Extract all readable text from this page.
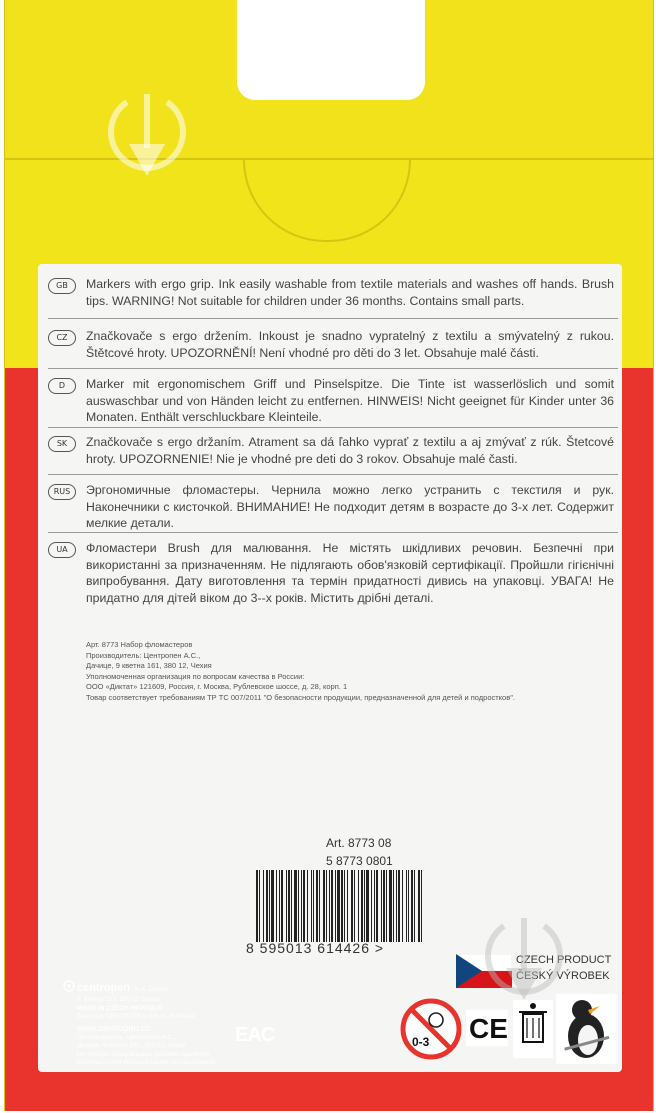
GB	Markers with ergo grip. Ink easily washable from textile materials and washes off hands. Brush tips. WARNING! Not suitable for children under 36 months. Contains small parts.
CZ	Značkovače s ergo držením. Inkoust je snadno vypratelný z textilu a smývatelný z rukou. Štětcové hroty. UPOZORNĚNÍ! Není vhodné pro děti do 3 let. Obsahuje malé části.
D	Marker mit ergonomischem Griff und Pinselspitze. Die Tinte ist wasserlöslich und somit auswaschbar und von Händen leicht zu entfernen. HINWEIS! Nicht geeignet für Kinder unter 36 Monaten. Enthält verschluckbare Kleinteile.
SK	Značkovače s ergo držaním. Atrament sa dá ľahko vyprať z textilu a aj zmývať z rúk. Štetcové hroty. UPOZORNENIE! Nie je vhodné pre deti do 3 rokov. Obsahuje malé časti.
RUS	Эргономичные фломастеры. Чернила можно легко устранить с текстиля и рук. Наконечники с кисточкой. ВНИМАНИЕ! Не подходит детям в возрасте до 3-х лет. Содержит мелкие детали.
UA	Фломастери Brush для малювання. Не містять шкідливих речовин. Безпечні при використанні за призначенням. Не підлягають обов'язковій сертифікації. Пройшли гігієнічні випробування. Дату виготовлення та термін придатності дивись на упаковці. УВАГА! Не придатно для дітей віком до 3--х років. Містить дрібні деталі.
Арт. 8773 Набор фломастеров
Производитель: Центропен А.С.,
Дачице, 9 кветна 161, 380 12, Чехия
Уполномоченная организация по вопросам качества в России:
ООО «Диктат» 121609, Россия, г. Москва, Рублевское шоссе, д. 28, корп. 1
Товар соответствует требованиям ТР ТС 007/2011 "О безопасности продукции, предназначенной для детей и подростков".
Art. 8773 08
5 8773 0801
8 595013 614426 >
CZECH PRODUCT
ČESKÝ VÝROBEK
centropen a. s. Dačice
9. května 161, 380 12 Dačice
MADE IN CZECH REPUBLIC
Dovozca: CENTROPEN SR, K. N. Mesto
www.centropen.cz
Производитель: Центропен А.С.,
Дачице, 9 кветна 161, 380 12, Чехия
Не требует специальных условий хранения.
Безопасен при использовании по назначению
EAC	0-3 CE
